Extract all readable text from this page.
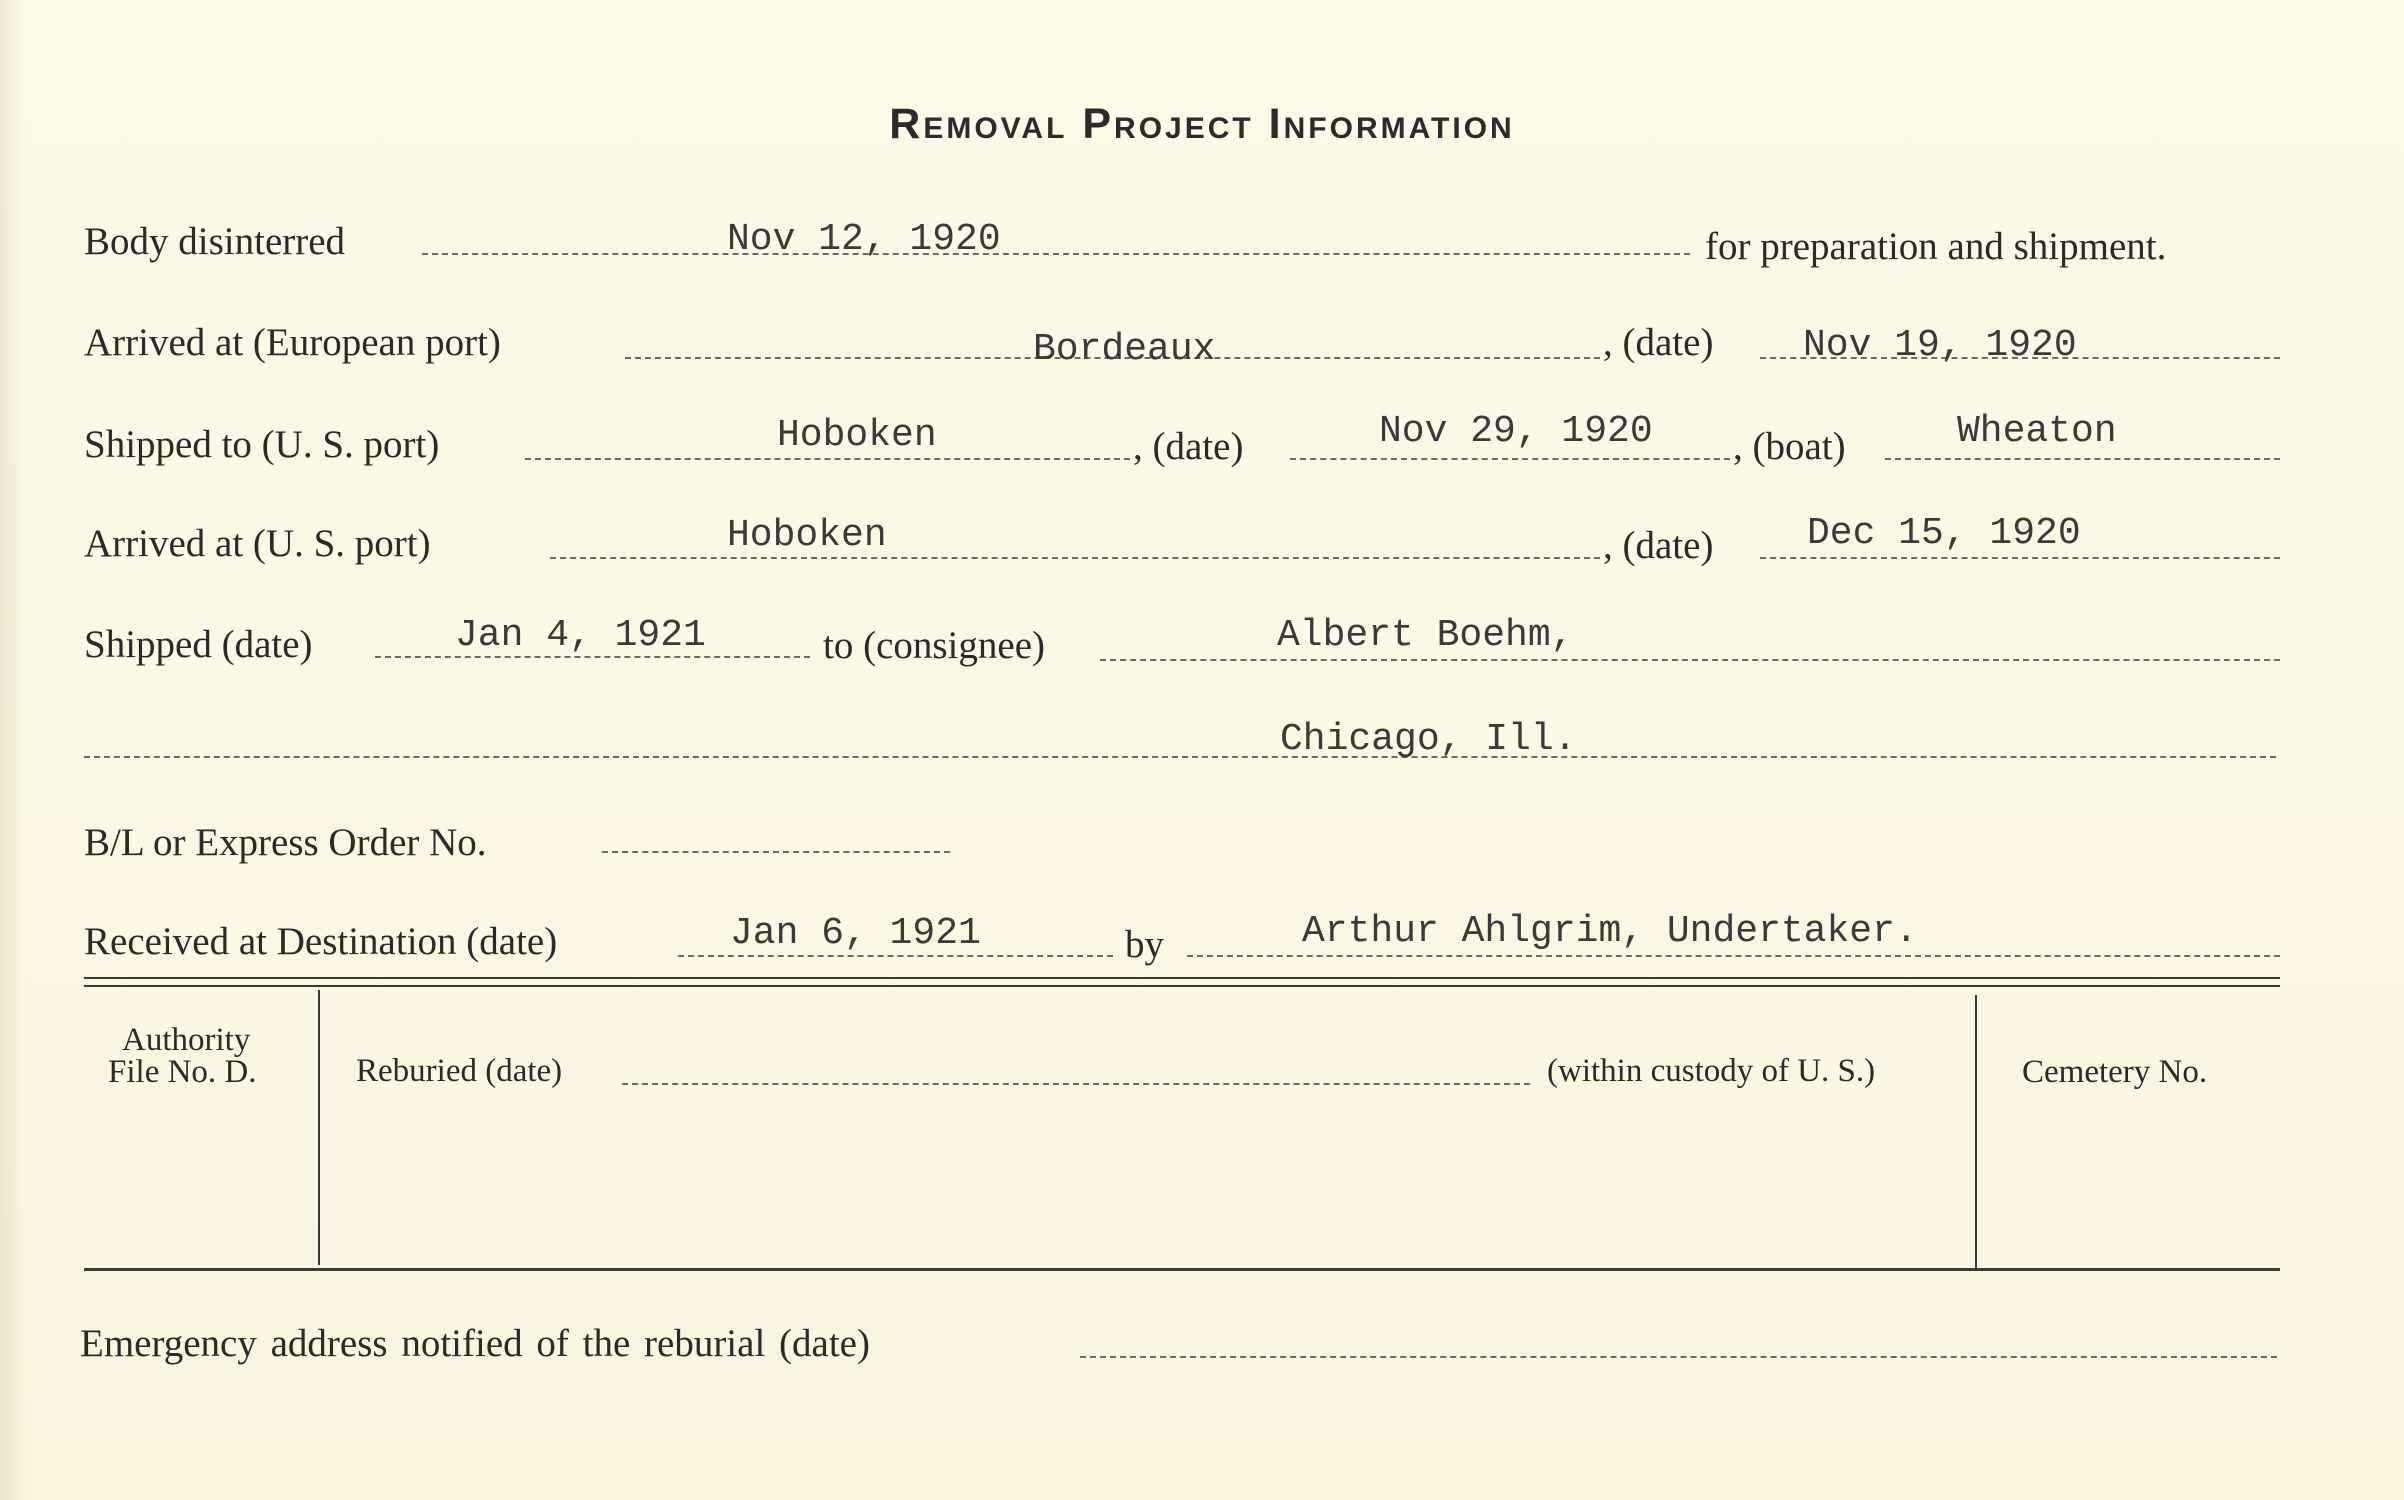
Removal Project Information
Body disinterred	Nov 12, 1920	for preparation and shipment.
Arrived at (European port)	Bordeaux	, (date) Nov 19, 1920
Shipped to (U. S. port)	Hoboken	, (date)	Nov 29, 1920 , (boat)	Wheaton
Arrived at (U. S. port)	Hoboken	, (date) Dec 15, 1920
Shipped (date)	Jan 4, 1921	to (consignee)	Albert Boehm,
Chicago, Ill.
B/L or Express Order No.
Received at Destination (date)	Jan 6, 1921	by	Arthur Ahlgrim, Undertaker.
Authority
File No. D.	Reburied (date)	(within custody of U. S.)	Cemetery No.
Emergency address notified of the reburial (date)
